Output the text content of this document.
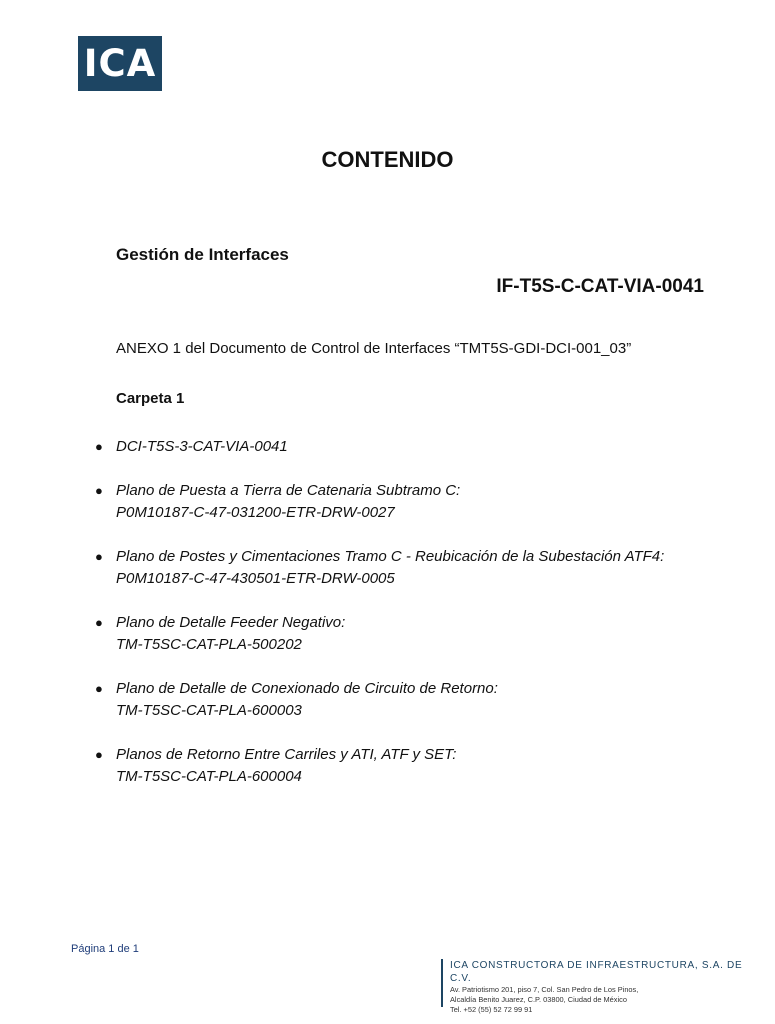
ICA
CONTENIDO
Gestión de Interfaces
IF-T5S-C-CAT-VIA-0041
ANEXO 1 del Documento de Control de Interfaces “TMT5S-GDI-DCI-001_03”
Carpeta 1
● DCI-T5S-3-CAT-VIA-0041
● Plano de Puesta a Tierra de Catenaria Subtramo C:
P0M10187-C-47-031200-ETR-DRW-0027
● Plano de Postes y Cimentaciones Tramo C - Reubicación de la Subestación ATF4:
P0M10187-C-47-430501-ETR-DRW-0005
● Plano de Detalle Feeder Negativo:
TM-T5SC-CAT-PLA-500202
● Plano de Detalle de Conexionado de Circuito de Retorno:
TM-T5SC-CAT-PLA-600003
● Planos de Retorno Entre Carriles y ATI, ATF y SET:
TM-T5SC-CAT-PLA-600004
Página 1 de 1
ICA CONSTRUCTORA DE INFRAESTRUCTURA, S.A. DE C.V.
Av. Patriotismo 201, piso 7, Col. San Pedro de Los Pinos,
Alcaldía Benito Juarez, C.P. 03800, Ciudad de México
Tel. +52 (55) 52 72 99 91
